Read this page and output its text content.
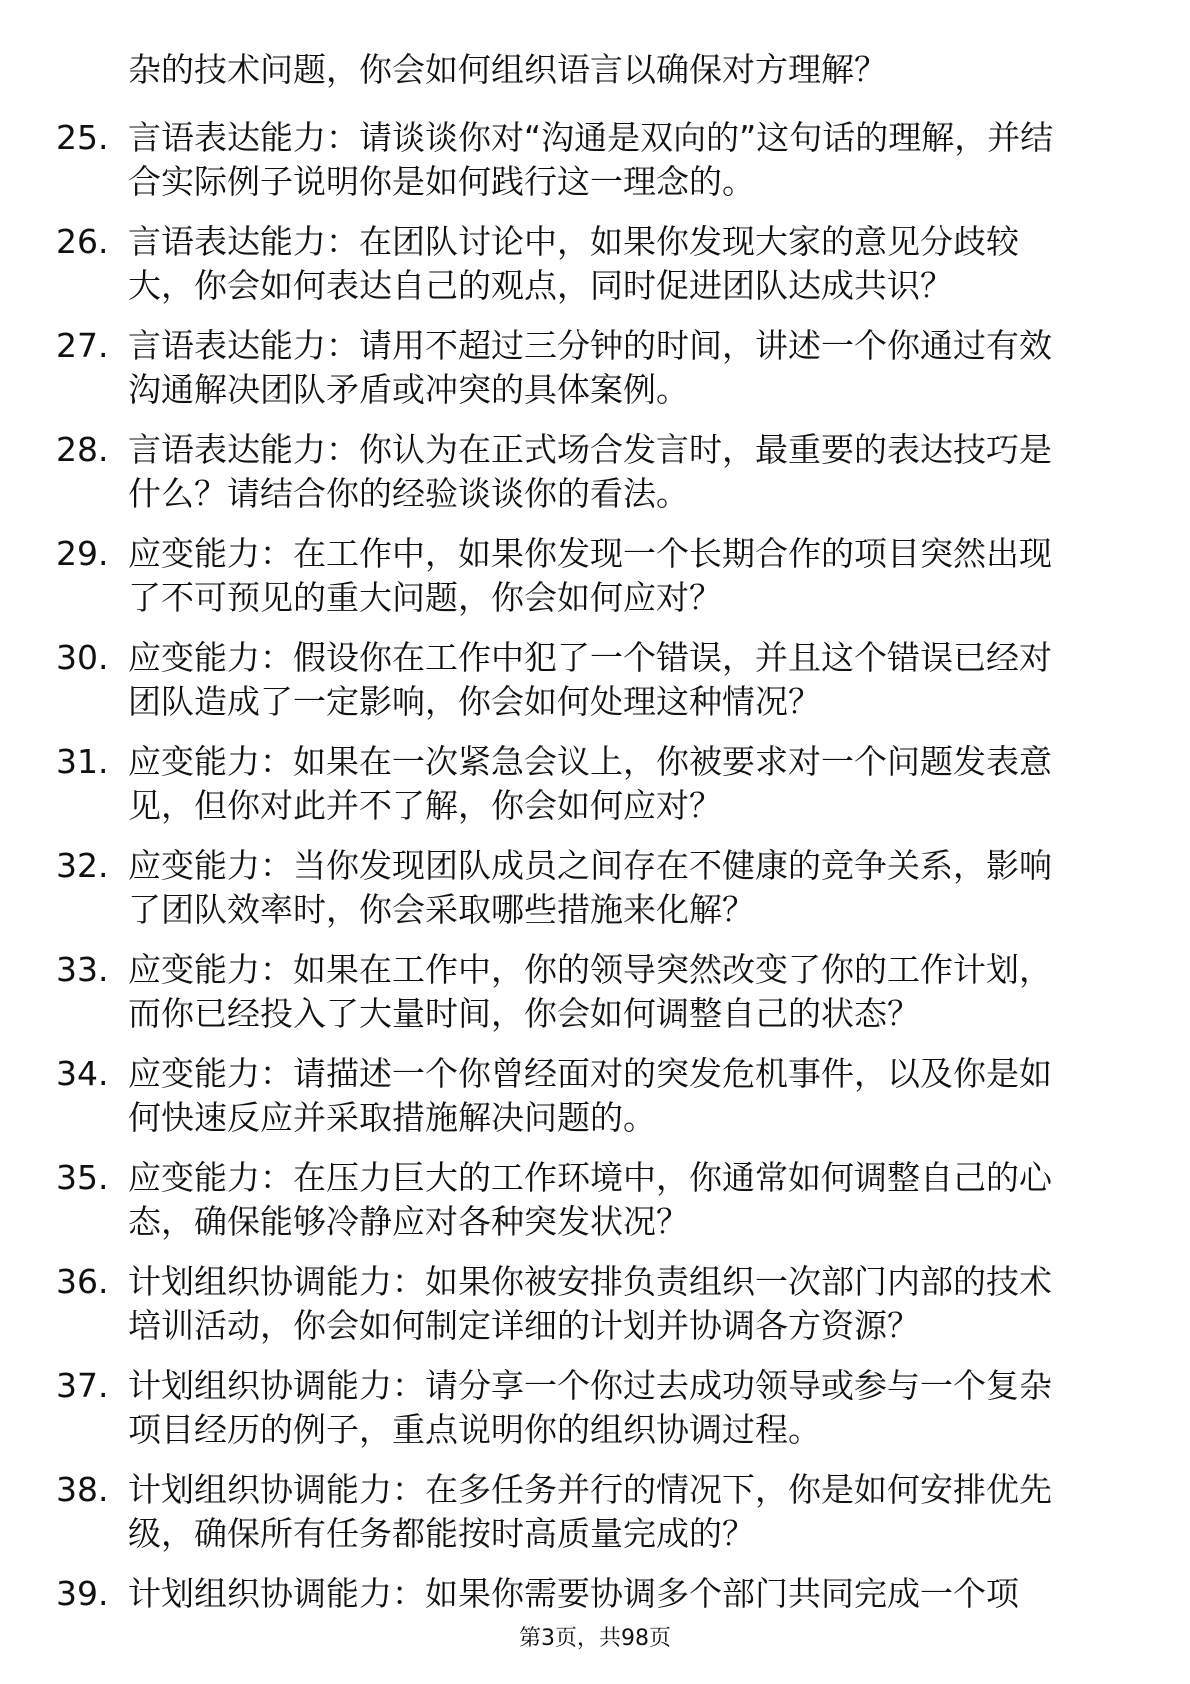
杂的技术问题，你会如何组织语言以确保对方理解？
25. 言语表达能力：请谈谈你对“沟通是双向的”这句话的理解，并结
合实际例子说明你是如何践行这一理念的。
26. 言语表达能力：在团队讨论中，如果你发现大家的意见分歧较
大，你会如何表达自己的观点，同时促进团队达成共识？
27. 言语表达能力：请用不超过三分钟的时间，讲述一个你通过有效
沟通解决团队矛盾或冲突的具体案例。
28. 言语表达能力：你认为在正式场合发言时，最重要的表达技巧是
什么？请结合你的经验谈谈你的看法。
29. 应变能力：在工作中，如果你发现一个长期合作的项目突然出现
了不可预见的重大问题，你会如何应对？
30. 应变能力：假设你在工作中犯了一个错误，并且这个错误已经对
团队造成了一定影响，你会如何处理这种情况？
31. 应变能力：如果在一次紧急会议上，你被要求对一个问题发表意
见，但你对此并不了解，你会如何应对？
32. 应变能力：当你发现团队成员之间存在不健康的竞争关系，影响
了团队效率时，你会采取哪些措施来化解？
33. 应变能力：如果在工作中，你的领导突然改变了你的工作计划，
而你已经投入了大量时间，你会如何调整自己的状态？
34. 应变能力：请描述一个你曾经面对的突发危机事件，以及你是如
何快速反应并采取措施解决问题的。
35. 应变能力：在压力巨大的工作环境中，你通常如何调整自己的心
态，确保能够冷静应对各种突发状况？
36. 计划组织协调能力：如果你被安排负责组织一次部门内部的技术
培训活动，你会如何制定详细的计划并协调各方资源？
37. 计划组织协调能力：请分享一个你过去成功领导或参与一个复杂
项目经历的例子，重点说明你的组织协调过程。
38. 计划组织协调能力：在多任务并行的情况下，你是如何安排优先
级，确保所有任务都能按时高质量完成的？
39. 计划组织协调能力：如果你需要协调多个部门共同完成一个项
第3页，共98页
